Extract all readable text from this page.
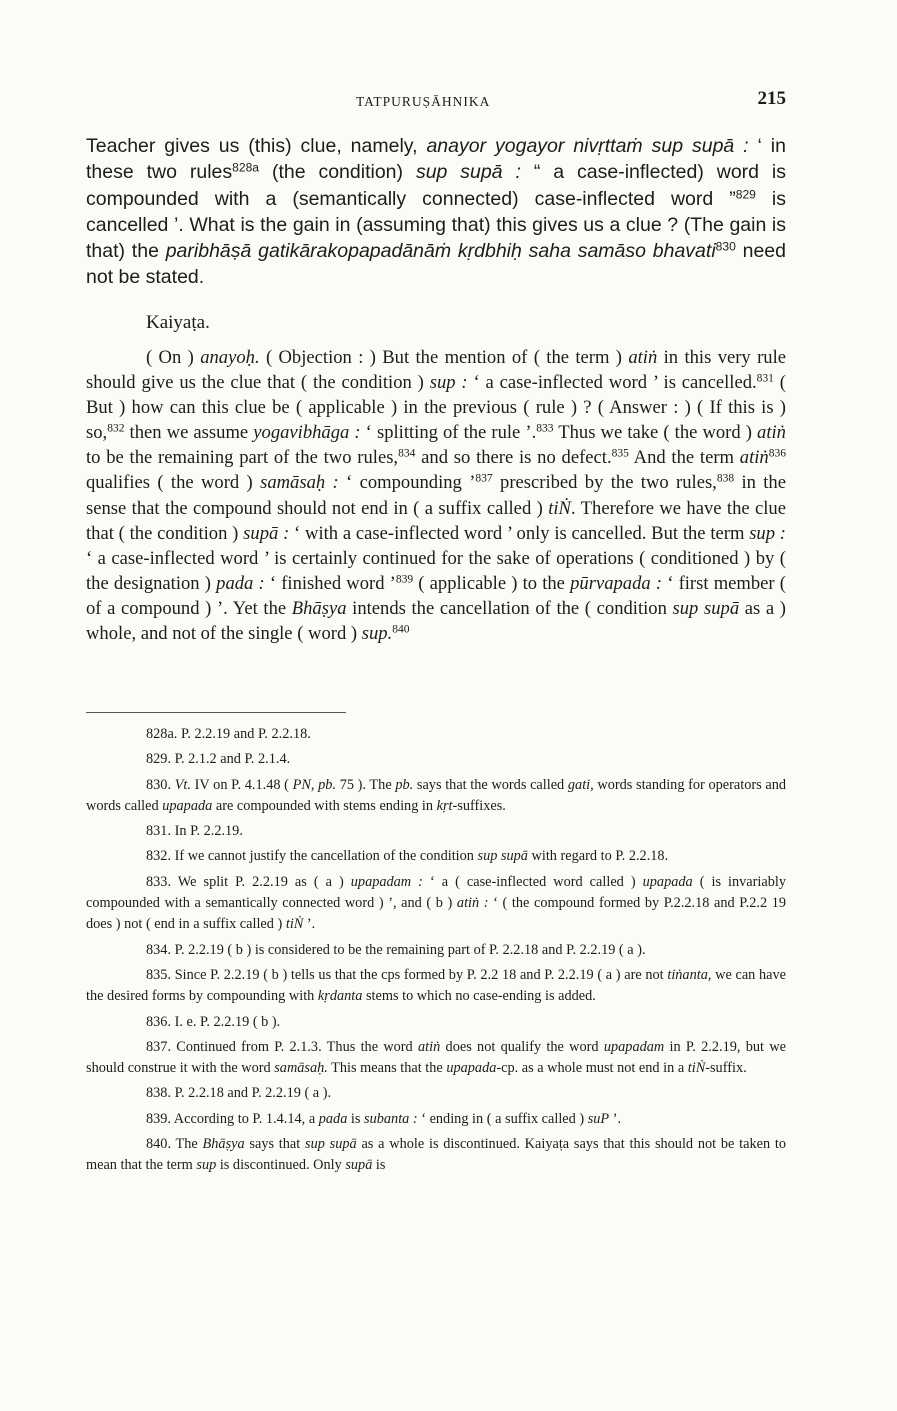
TATPURUṢĀHNIKA	215
Teacher gives us (this) clue, namely, anayor yogayor nivṛttaṁ sup supā : ‘ in these two rules$^{828a}$ (the condition) sup supā : “ a case-inflected) word is compounded with a (semantically connected) case-inflected word ”$^{829}$ is cancelled ’. What is the gain in (assuming that) this gives us a clue ? (The gain is that) the paribhāṣā gatikārakopapadānāṁ kṛdbhiḥ saha samāso bhavati$^{830}$ need not be stated.
Kaiyaṭa.

( On ) anayoḥ. ( Objection : ) But the mention of ( the term ) atiṅ in this very rule should give us the clue that ( the condition ) sup : ‘ a case-inflected word ’ is cancelled.$^{831}$ ( But ) how can this clue be ( applicable ) in the previous ( rule ) ? ( Answer : ) ( If this is ) so,$^{832}$ then we assume yogavibhāga : ‘ splitting of the rule ’.$^{833}$ Thus we take ( the word ) atiṅ to be the remaining part of the two rules,$^{834}$ and so there is no defect.$^{835}$ And the term atiṅ$^{836}$ qualifies ( the word ) samāsaḥ : ‘ compounding ’$^{837}$ prescribed by the two rules,$^{838}$ in the sense that the compound should not end in ( a suffix called ) tiṄ. Therefore we have the clue that ( the condition ) supā : ‘ with a case-inflected word ’ only is cancelled. But the term sup : ‘ a case-inflected word ’ is certainly continued for the sake of operations ( conditioned ) by ( the designation ) pada : ‘ finished word ’$^{839}$ ( applicable ) to the pūrvapada : ‘ first member ( of a compound ) ’. Yet the Bhāṣya intends the cancellation of the ( condition sup supā as a ) whole, and not of the single ( word ) sup.$^{840}$

828a. P. 2.2.19 and P. 2.2.18.

829. P. 2.1.2 and P. 2.1.4.

830. Vt. IV on P. 4.1.48 ( PN, pb. 75 ). The pb. says that the words called gati, words standing for operators and words called upapada are compounded with stems ending in kṛt-suffixes.

831. In P. 2.2.19.

832. If we cannot justify the cancellation of the condition sup supā with regard to P. 2.2.18.

833. We split P. 2.2.19 as ( a ) upapadam : ‘ a ( case-inflected word called ) upapada ( is invariably compounded with a semantically connected word ) ’, and ( b ) atiṅ : ‘ ( the compound formed by P.2.2.18 and P.2.2 19 does ) not ( end in a suffix called ) tiṄ ’.

834. P. 2.2.19 ( b ) is considered to be the remaining part of P. 2.2.18 and P. 2.2.19 ( a ).

835. Since P. 2.2.19 ( b ) tells us that the cps formed by P. 2.2 18 and P. 2.2.19 ( a ) are not tiṅanta, we can have the desired forms by compounding with kṛdanta stems to which no case-ending is added.

836. I. e. P. 2.2.19 ( b ).

837. Continued from P. 2.1.3. Thus the word atiṅ does not qualify the word upapadam in P. 2.2.19, but we should construe it with the word samāsaḥ. This means that the upapada-cp. as a whole must not end in a tiṄ-suffix.

838. P. 2.2.18 and P. 2.2.19 ( a ).

839. According to P. 1.4.14, a pada is subanta : ‘ ending in ( a suffix called ) suP ’.

840. The Bhāṣya says that sup supā as a whole is discontinued. Kaiyaṭa says that this should not be taken to mean that the term sup is discontinued. Only supā is
